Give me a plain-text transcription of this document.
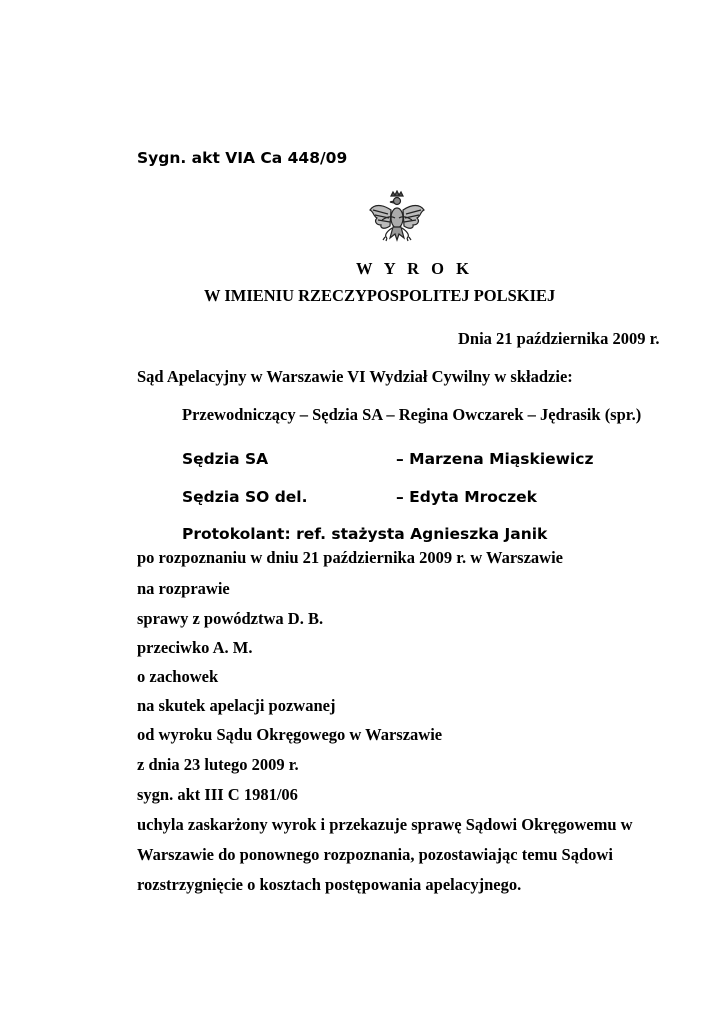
Sygn. akt VIA Ca 448/09
W Y R O K
W IMIENIU RZECZYPOSPOLITEJ POLSKIEJ
Dnia 21 października 2009 r.
Sąd Apelacyjny w Warszawie VI Wydział Cywilny w składzie:
Przewodniczący – Sędzia SA – Regina Owczarek – Jędrasik (spr.)
Sędzia SA	– Marzena Miąskiewicz
Sędzia SO del.	– Edyta Mroczek
Protokolant: ref. stażysta Agnieszka Janik
po rozpoznaniu w dniu 21 października 2009 r. w Warszawie
na rozprawie
sprawy z powództwa D. B.
przeciwko A. M.
o zachowek
na skutek apelacji pozwanej
od wyroku Sądu Okręgowego w Warszawie
z dnia 23 lutego 2009 r.
sygn. akt III C 1981/06
uchyla zaskarżony wyrok i przekazuje sprawę Sądowi Okręgowemu w
Warszawie do ponownego rozpoznania, pozostawiając temu Sądowi
rozstrzygnięcie o kosztach postępowania apelacyjnego.
